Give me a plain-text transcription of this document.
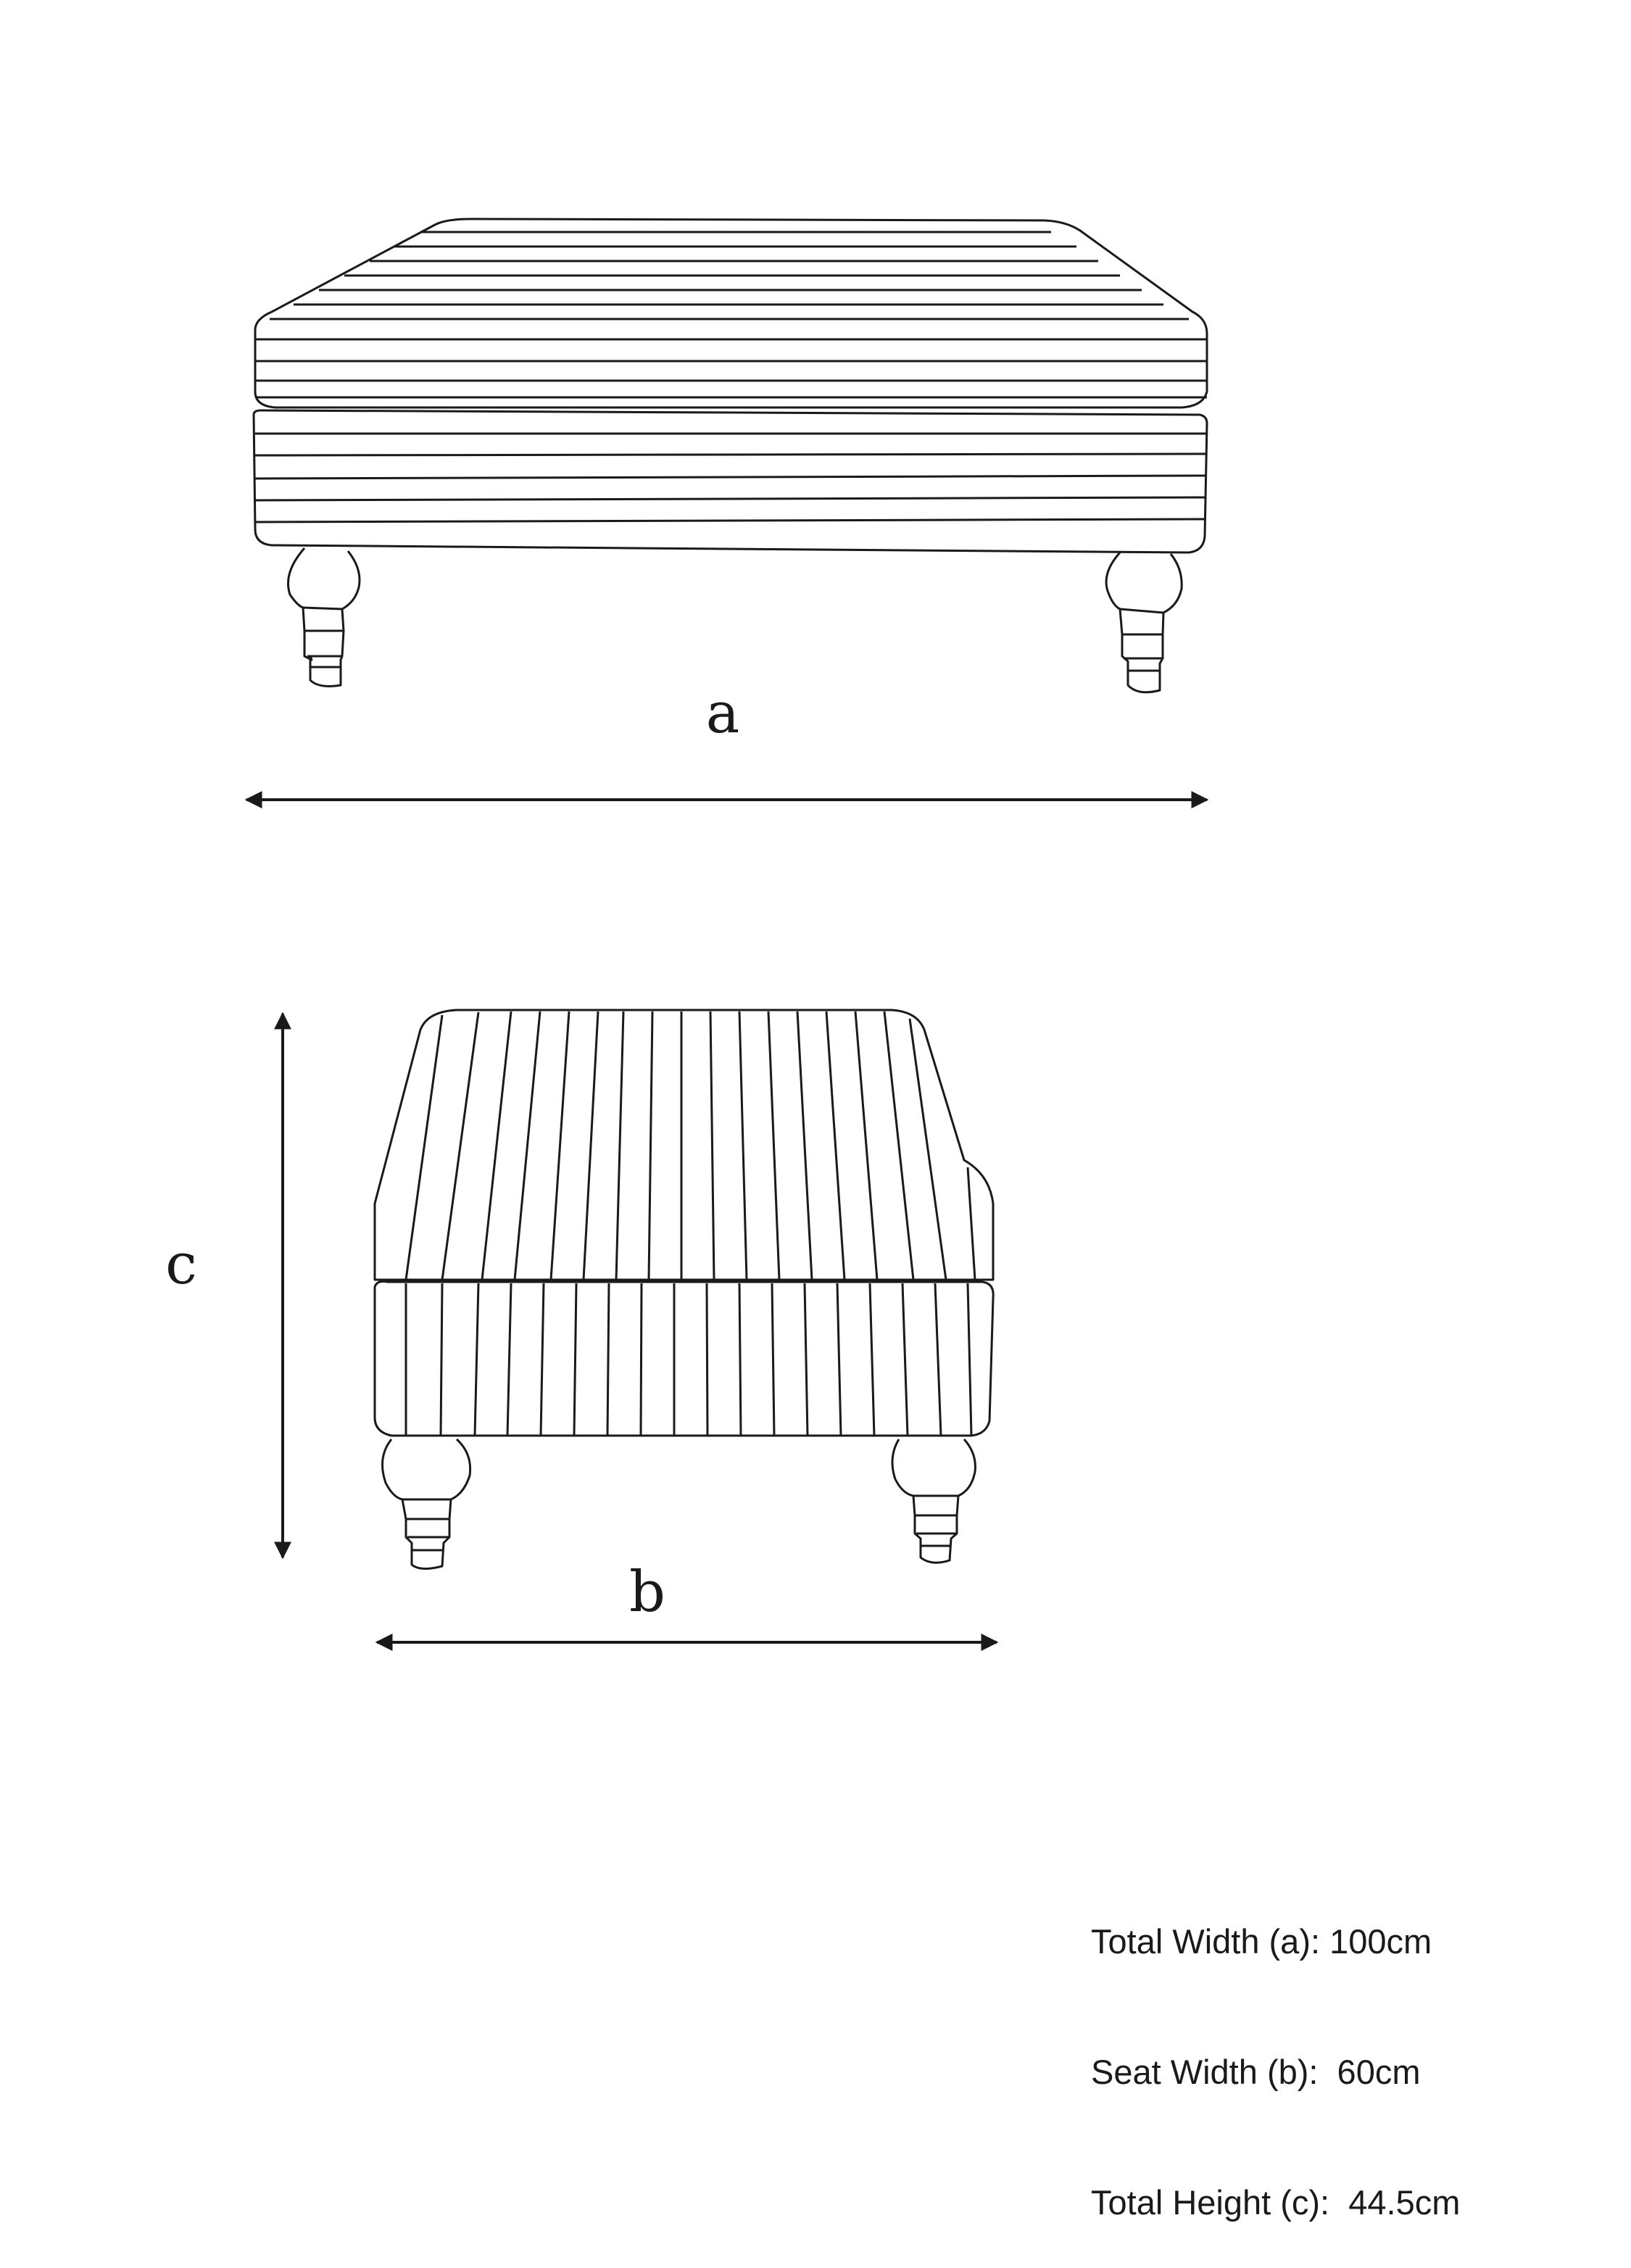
a
c
b

Total Width (a): 100cm

Seat Width (b):  60cm

Total Height (c):  44.5cm
